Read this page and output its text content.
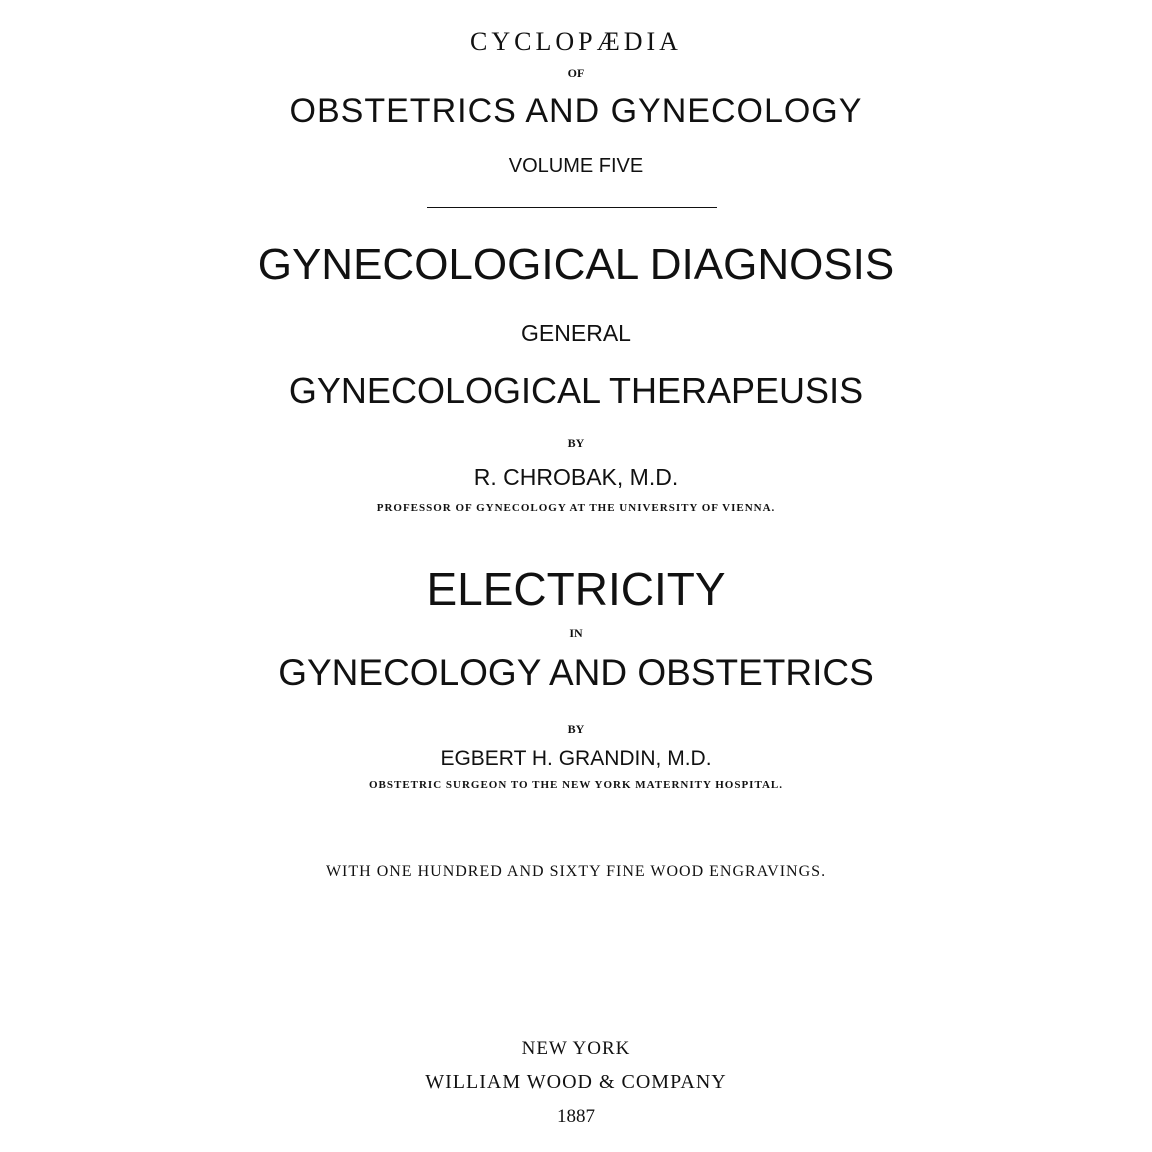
CYCLOPÆDIA
OF
OBSTETRICS AND GYNECOLOGY
VOLUME FIVE
GYNECOLOGICAL DIAGNOSIS
GENERAL
GYNECOLOGICAL THERAPEUSIS
BY
R. CHROBAK, M.D.
PROFESSOR OF GYNECOLOGY AT THE UNIVERSITY OF VIENNA.
ELECTRICITY
IN
GYNECOLOGY AND OBSTETRICS
BY
EGBERT H. GRANDIN, M.D.
OBSTETRIC SURGEON TO THE NEW YORK MATERNITY HOSPITAL.
WITH ONE HUNDRED AND SIXTY FINE WOOD ENGRAVINGS.
NEW YORK
WILLIAM WOOD & COMPANY
1887
